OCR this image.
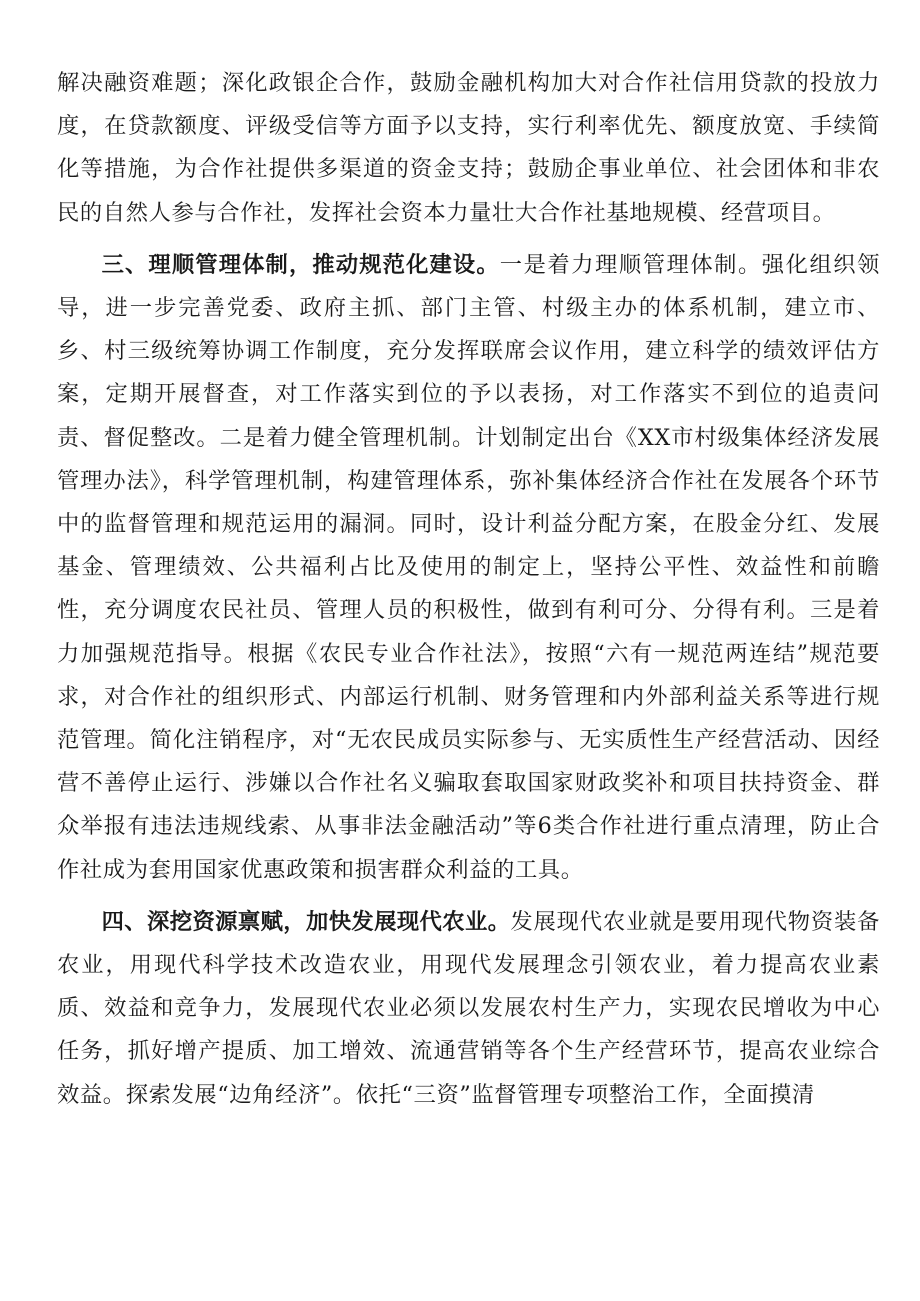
解决融资难题；深化政银企合作，鼓励金融机构加大对合作社信用贷款的投放力度，在贷款额度、评级受信等方面予以支持，实行利率优先、额度放宽、手续简化等措施，为合作社提供多渠道的资金支持；鼓励企事业单位、社会团体和非农民的自然人参与合作社，发挥社会资本力量壮大合作社基地规模、经营项目。

三、理顺管理体制，推动规范化建设。一是着力理顺管理体制。强化组织领导，进一步完善党委、政府主抓、部门主管、村级主办的体系机制，建立市、乡、村三级统筹协调工作制度，充分发挥联席会议作用，建立科学的绩效评估方案，定期开展督查，对工作落实到位的予以表扬，对工作落实不到位的追责问责、督促整改。二是着力健全管理机制。计划制定出台《XX市村级集体经济发展管理办法》，科学管理机制，构建管理体系，弥补集体经济合作社在发展各个环节中的监督管理和规范运用的漏洞。同时，设计利益分配方案，在股金分红、发展基金、管理绩效、公共福利占比及使用的制定上，坚持公平性、效益性和前瞻性，充分调度农民社员、管理人员的积极性，做到有利可分、分得有利。三是着力加强规范指导。根据《农民专业合作社法》，按照“六有一规范两连结”规范要求，对合作社的组织形式、内部运行机制、财务管理和内外部利益关系等进行规范管理。简化注销程序，对“无农民成员实际参与、无实质性生产经营活动、因经营不善停止运行、涉嫌以合作社名义骗取套取国家财政奖补和项目扶持资金、群众举报有违法违规线索、从事非法金融活动”等6类合作社进行重点清理，防止合作社成为套用国家优惠政策和损害群众利益的工具。

四、深挖资源禀赋，加快发展现代农业。发展现代农业就是要用现代物资装备农业，用现代科学技术改造农业，用现代发展理念引领农业，着力提高农业素质、效益和竞争力，发展现代农业必须以发展农村生产力，实现农民增收为中心任务，抓好增产提质、加工增效、流通营销等各个生产经营环节，提高农业综合效益。探索发展“边角经济”。依托“三资”监督管理专项整治工作，全面摸清
